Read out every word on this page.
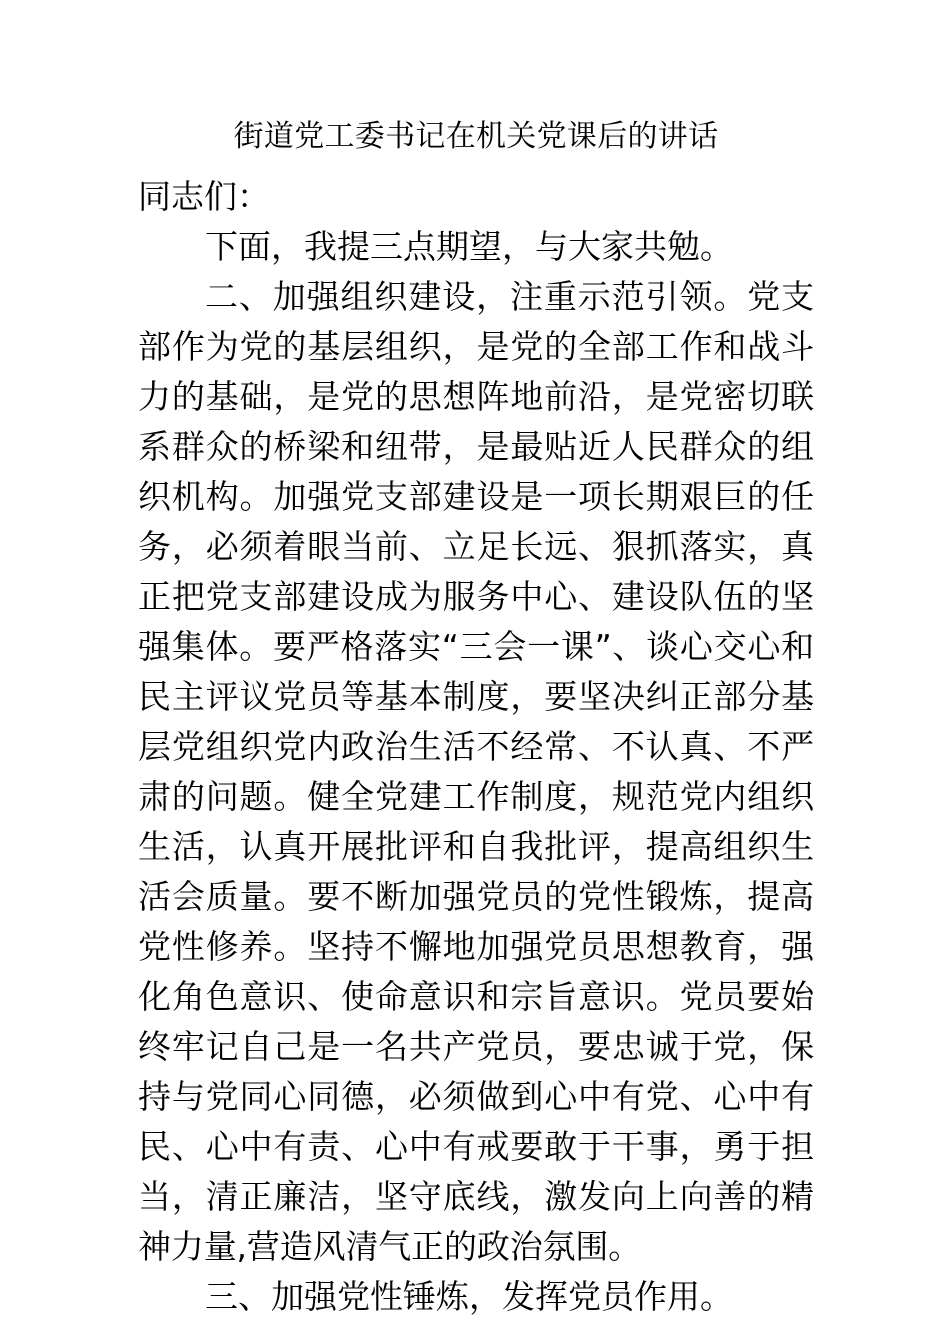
街道党工委书记在机关党课后的讲话

同志们：

下面，我提三点期望，与大家共勉。

二、加强组织建设，注重示范引领。党支部作为党的基层组织，是党的全部工作和战斗力的基础，是党的思想阵地前沿，是党密切联系群众的桥梁和纽带，是最贴近人民群众的组织机构。加强党支部建设是一项长期艰巨的任务，必须着眼当前、立足长远、狠抓落实，真正把党支部建设成为服务中心、建设队伍的坚强集体。要严格落实“三会一课”、谈心交心和民主评议党员等基本制度，要坚决纠正部分基层党组织党内政治生活不经常、不认真、不严肃的问题。健全党建工作制度，规范党内组织生活，认真开展批评和自我批评，提高组织生活会质量。要不断加强党员的党性锻炼，提高党性修养。坚持不懈地加强党员思想教育，强化角色意识、使命意识和宗旨意识。党员要始终牢记自己是一名共产党员，要忠诚于党，保持与党同心同德，必须做到心中有党、心中有民、心中有责、心中有戒要敢于干事，勇于担当，清正廉洁，坚守底线，激发向上向善的精神力量,营造风清气正的政治氛围。

三、加强党性锤炼，发挥党员作用。
